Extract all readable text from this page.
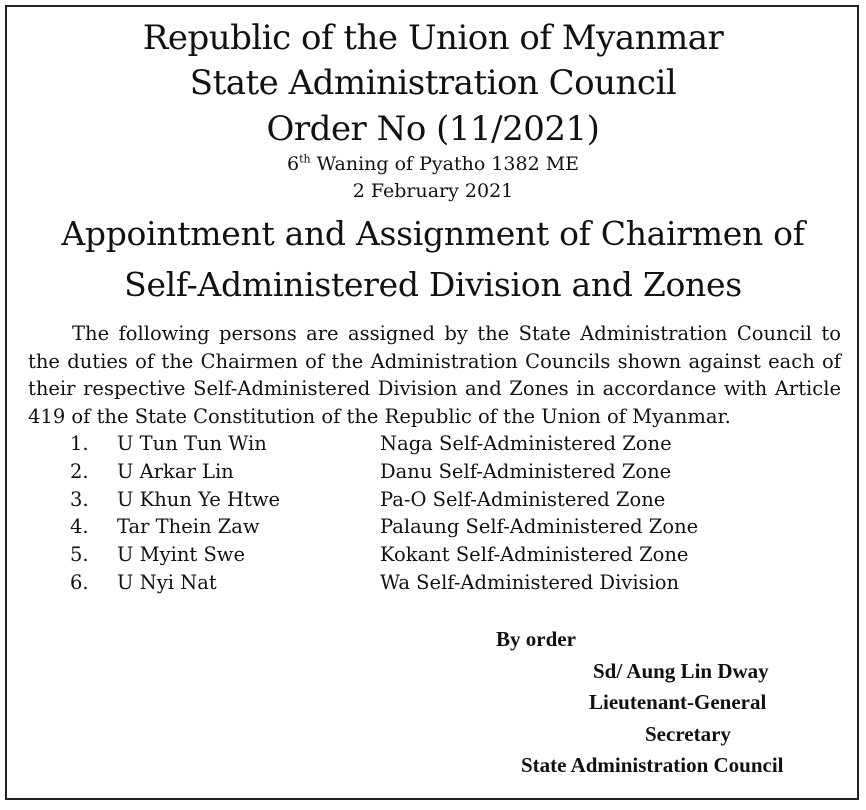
Republic of the Union of Myanmar
State Administration Council
Order No (11/2021)
6th Waning of Pyatho 1382 ME
2 February 2021
Appointment and Assignment of Chairmen of
Self-Administered Division and Zones
The following persons are assigned by the State Administration Council to the duties of the Chairmen of the Administration Councils shown against each of their respective Self-Administered Division and Zones in accordance with Article 419 of the State Constitution of the Republic of the Union of Myanmar.
1. U Tun Tun Win	Naga Self-Administered Zone
2. U Arkar Lin	Danu Self-Administered Zone
3. U Khun Ye Htwe	Pa-O Self-Administered Zone
4. Tar Thein Zaw	Palaung Self-Administered Zone
5. U Myint Swe	Kokant Self-Administered Zone
6. U Nyi Nat	Wa Self-Administered Division
By order
Sd/ Aung Lin Dway
Lieutenant-General
Secretary
State Administration Council
